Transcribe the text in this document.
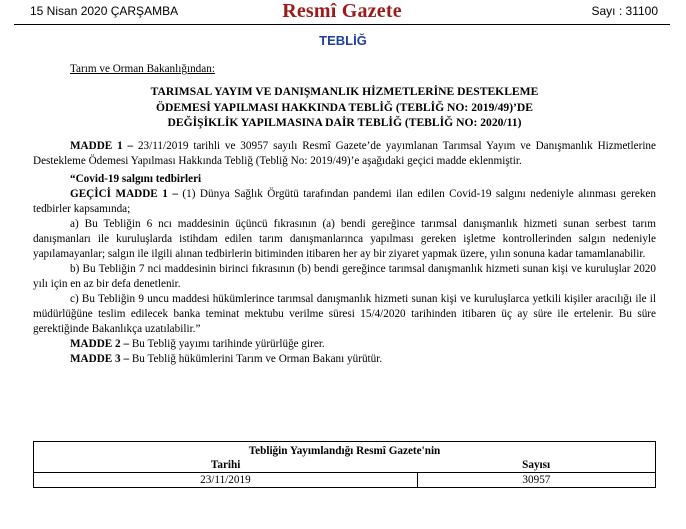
15 Nisan 2020 ÇARŞAMBA	Resmî Gazete	Sayı : 31100
TEBLİĞ

Tarım ve Orman Bakanlığından:

TARIMSAL YAYIM VE DANIŞMANLIK HİZMETLERİNE DESTEKLEME
ÖDEMESİ YAPILMASI HAKKINDA TEBLİĞ (TEBLİĞ NO: 2019/49)’DE
DEĞİŞİKLİK YAPILMASINA DAİR TEBLİĞ (TEBLİĞ NO: 2020/11)

MADDE 1 – 23/11/2019 tarihli ve 30957 sayılı Resmî Gazete’de yayımlanan Tarımsal Yayım ve Danışmanlık Hizmetlerine Destekleme Ödemesi Yapılması Hakkında Tebliğ (Tebliğ No: 2019/49)’e aşağıdaki geçici madde eklenmiştir.

“Covid-19 salgını tedbirleri

GEÇİCİ MADDE 1 – (1) Dünya Sağlık Örgütü tarafından pandemi ilan edilen Covid-19 salgını nedeniyle alınması gereken tedbirler kapsamında;

a) Bu Tebliğin 6 ncı maddesinin üçüncü fıkrasının (a) bendi gereğince tarımsal danışmanlık hizmeti sunan serbest tarım danışmanları ile kuruluşlarda istihdam edilen tarım danışmanlarınca yapılması gereken işletme kontrollerinden salgın nedeniyle yapılamayanlar; salgın ile ilgili alınan tedbirlerin bitiminden itibaren her ay bir ziyaret yapmak üzere, yılın sonuna kadar tamamlanabilir.

b) Bu Tebliğin 7 nci maddesinin birinci fıkrasının (b) bendi gereğince tarımsal danışmanlık hizmeti sunan kişi ve kuruluşlar 2020 yılı için en az bir defa denetlenir.

c) Bu Tebliğin 9 uncu maddesi hükümlerince tarımsal danışmanlık hizmeti sunan kişi ve kuruluşlarca yetkili kişiler aracılığı ile il müdürlüğüne teslim edilecek banka teminat mektubu verilme süresi 15/4/2020 tarihinden itibaren üç ay süre ile ertelenir. Bu süre gerektiğinde Bakanlıkça uzatılabilir.”

MADDE 2 – Bu Tebliğ yayımı tarihinde yürürlüğe girer.

MADDE 3 – Bu Tebliğ hükümlerini Tarım ve Orman Bakanı yürütür.

Tebliğin Yayımlandığı Resmî Gazete'nin	
Tarihi	Sayısı
23/11/2019	30957
